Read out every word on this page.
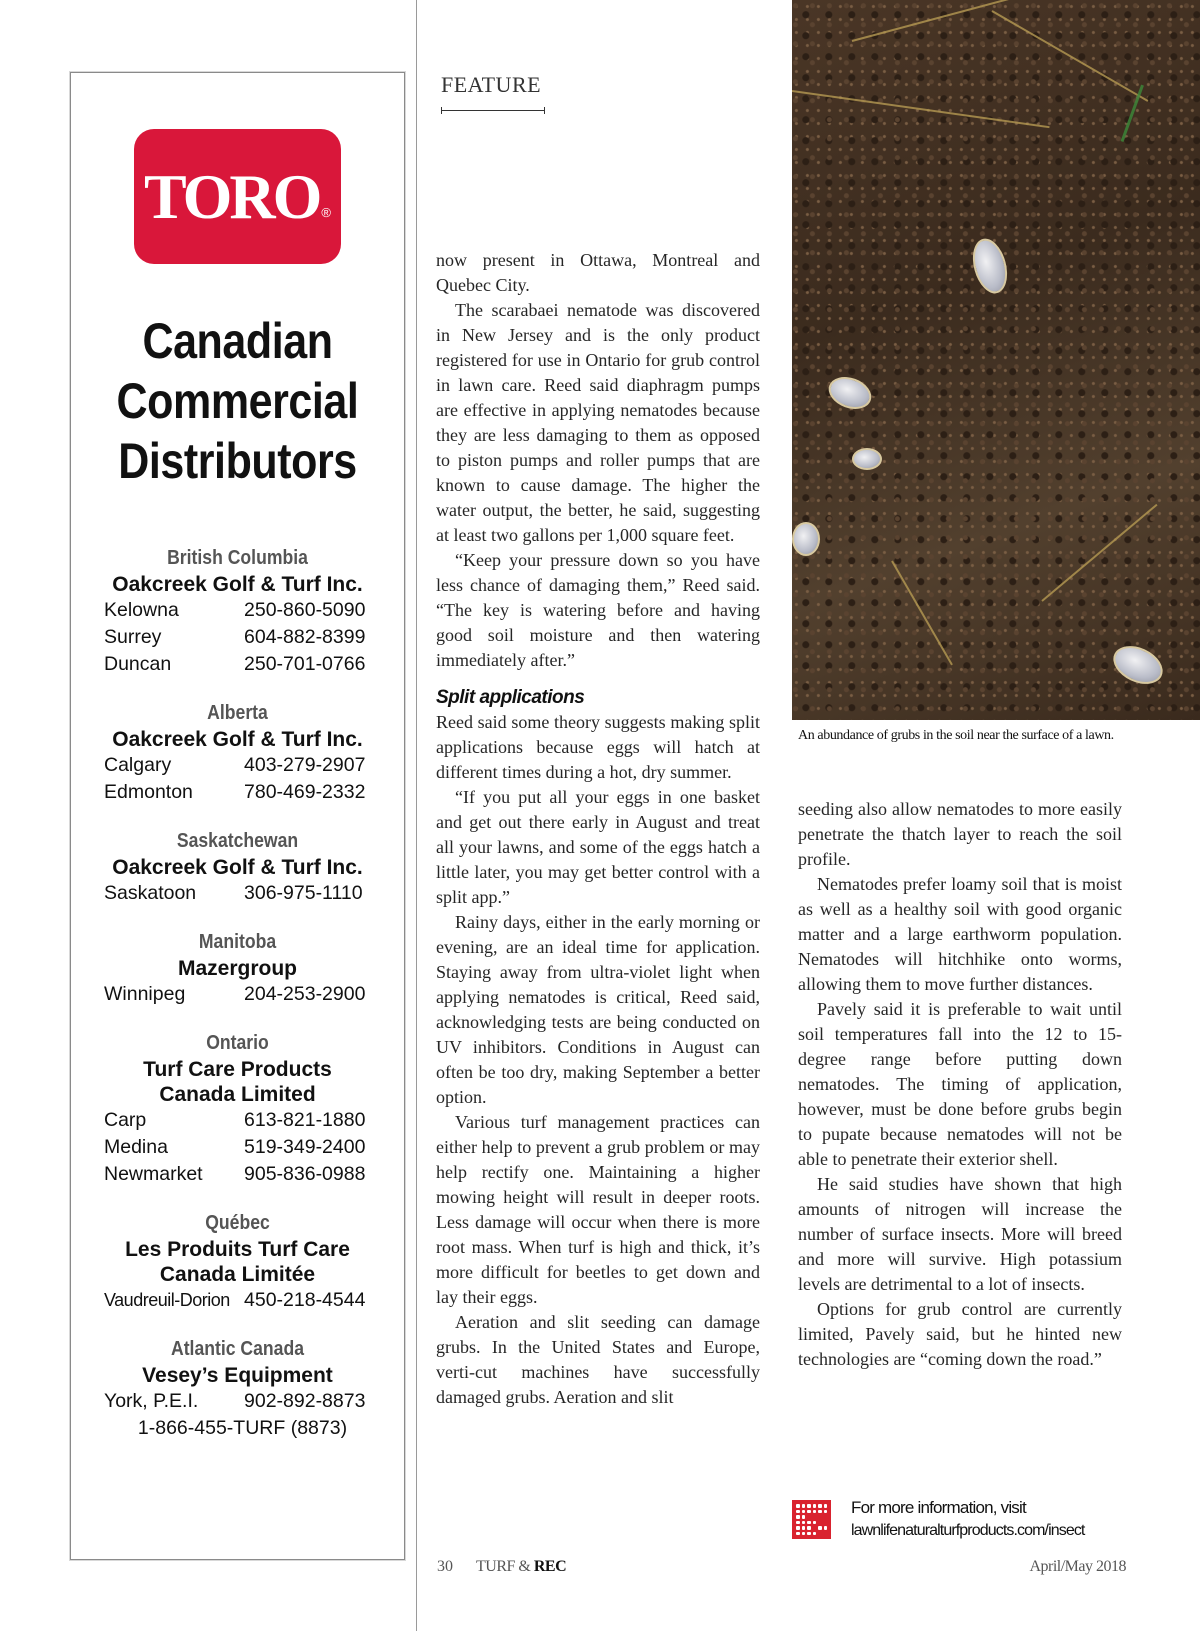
TORO®
Canadian
Commercial
Distributors
British Columbia
Oakcreek Golf & Turf Inc.
Kelowna	250-860-5090
Surrey	604-882-8399
Duncan	250-701-0766
Alberta
Oakcreek Golf & Turf Inc.
Calgary	403-279-2907
Edmonton	780-469-2332
Saskatchewan
Oakcreek Golf & Turf Inc.
Saskatoon	306-975-1110
Manitoba
Mazergroup
Winnipeg	204-253-2900
Ontario
Turf Care Products
Canada Limited
Carp	613-821-1880
Medina	519-349-2400
Newmarket	905-836-0988
Québec
Les Produits Turf Care
Canada Limitée
Vaudreuil-Dorion 450-218-4544
Atlantic Canada
Vesey’s Equipment
York, P.E.I.	902-892-8873
1-866-455-TURF (8873)
FEATURE

now present in Ottawa, Montreal and Quebec City.

The scarabaei nematode was discovered in New Jersey and is the only product registered for use in Ontario for grub control in lawn care. Reed said diaphragm pumps are effective in applying nematodes because they are less damaging to them as opposed to piston pumps and roller pumps that are known to cause damage. The higher the water output, the better, he said, suggesting at least two gallons per 1,000 square feet.

“Keep your pressure down so you have less chance of damaging them,” Reed said. “The key is watering before and having good soil moisture and then watering immediately after.”

Split applications

Reed said some theory suggests making split applications because eggs will hatch at different times during a hot, dry summer.

“If you put all your eggs in one basket and get out there early in August and treat all your lawns, and some of the eggs hatch a little later, you may get better control with a split app.”

Rainy days, either in the early morning or evening, are an ideal time for application. Staying away from ultra-violet light when applying nematodes is critical, Reed said, acknowledging tests are being conducted on UV inhibitors. Conditions in August can often be too dry, making September a better option.

Various turf management practices can either help to prevent a grub problem or may help rectify one. Maintaining a higher mowing height will result in deeper roots. Less damage will occur when there is more root mass. When turf is high and thick, it’s more difficult for beetles to get down and lay their eggs.

Aeration and slit seeding can damage grubs. In the United States and Europe, verti-cut machines have successfully damaged grubs. Aeration and slit

seeding also allow nematodes to more easily penetrate the thatch layer to reach the soil profile.

Nematodes prefer loamy soil that is moist as well as a healthy soil with good organic matter and a large earthworm population. Nematodes will hitchhike onto worms, allowing them to move further distances.

Pavely said it is preferable to wait until soil temperatures fall into the 12 to 15-degree range before putting down nematodes. The timing of application, however, must be done before grubs begin to pupate because nematodes will not be able to penetrate their exterior shell.

He said studies have shown that high amounts of nitrogen will increase the number of surface insects. More will breed and more will survive. High potassium levels are detrimental to a lot of insects.

Options for grub control are currently limited, Pavely said, but he hinted new technologies are “coming down the road.”

An abundance of grubs in the soil near the surface of a lawn.
For more information, visit
lawnlifenaturalturfproducts.com/insect
30 TURF & REC	April/May 2018
